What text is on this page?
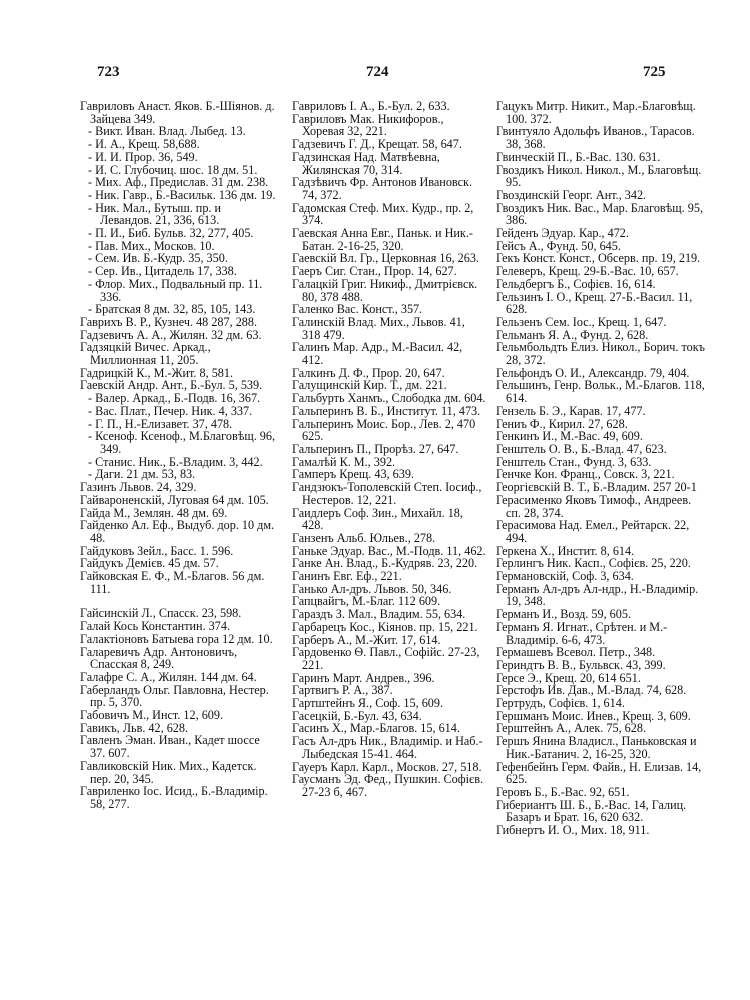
723	724	725

Гавриловъ Анаст. Яков. Б.-Шіянов. д. Зайцева 349.

- Викт. Иван. Влад. Лыбед. 13.

- И. А., Крещ. 58,688.

- И. И. Прор. 36, 549.

- И. С. Глубочиц. шос. 18 дм. 51.

- Мих. Аф., Предислав. 31 дм. 238.

- Ник. Гавр., Б.-Васильк. 136 дм. 19.

- Ник. Мал., Бутыш. пр. и Левандов. 21, 336, 613.

- П. И., Биб. Бульв. 32, 277, 405.

- Пав. Мих., Москов. 10.

- Сем. Ив. Б.-Кудр. 35, 350.

- Сер. Ив., Цитадель 17, 338.

- Флор. Мих., Подвальный пр. 11. 336.

- Братская 8 дм. 32, 85, 105, 143.

Гаврихъ В. Р., Кузнеч. 48 287, 288.

Гадзевичъ А. А., Жилян. 32 дм. 63.

Гадзяцкій Вичес. Аркад., Миллионная 11, 205.

Гадрицкій К., М.-Жит. 8, 581.

Гаевскій Андр. Ант., Б.-Бул. 5, 539.

- Валер. Аркад., Б.-Подв. 16, 367.

- Вас. Плат., Печер. Ник. 4, 337.

- Г. П., Н.-Елизавет. 37, 478.

- Ксеноф. Ксеноф., М.Благовѣщ. 96, 349.

- Станис. Ник., Б.-Владим. 3, 442.

- Даги. 21 дм. 53, 83.

Газинъ Львов. 24, 329.

Гайвароненскій, Луговая 64 дм. 105.

Гайда М., Землян. 48 дм. 69.

Гайденко Ал. Еф., Выдуб. дор. 10 дм. 48.

Гайдуковъ Зейл., Басс. 1. 596.

Гайдукъ Демієв. 45 дм. 57.

Гайковская Е. Ф., М.-Благов. 56 дм. 111.

Гайсинскій Л., Спасск. 23, 598.

Галай Кось Константин. 374.

Галактіоновъ Батыева гора 12 дм. 10.

Галаревичъ Адр. Антоновичъ, Спасская 8, 249.

Галафре С. А., Жилян. 144 дм. 64.

Габерландъ Ольг. Павловна, Нестер. пр. 5, 370.

Габовичъ М., Инст. 12, 609.

Гавикъ, Льв. 42, 628.

Гавленъ Эман. Иван., Кадет шоссе 37. 607.

Гавликовскій Ник. Мих., Кадетск. пер. 20, 345.

Гавриленко Іос. Исид., Б.-Владимір. 58, 277.

Гавриловъ І. А., Б.-Бул. 2, 633.

Гавриловъ Мак. Никифоров., Хоревая 32, 221.

Гадзевичъ Г. Д., Крещат. 58, 647.

Гадзинская Над. Матвѣевна, Жилянская 70, 314.

Гадзѣвичъ Фр. Антонов Ивановск. 74, 372.

Гадомская Стеф. Мих. Кудр., пр. 2, 374.

Гаевская Анна Евг., Паньк. и Ник.-Батан. 2-16-25, 320.

Гаевскій Вл. Гр., Церковная 16, 263.

Гаеръ Сиг. Стан., Прор. 14, 627.

Галацкій Григ. Никиф., Дмитрієвск. 80, 378 488.

Галенко Вас. Конст., 357.

Галинскій Влад. Мих., Львов. 41, 318 479.

Галинъ Мар. Адр., М.-Васил. 42, 412.

Галкинъ Д. Ф., Прор. 20, 647.

Галущинскій Кир. Т., дм. 221.

Гальбурть Ханмъ., Слободка дм. 604.

Гальперинъ В. Б., Институт. 11, 473.

Гальперинъ Моис. Бор., Лев. 2, 470 625.

Гальперинъ П., Прорѣз. 27, 647.

Гамалѣй К. М., 392.

Гамперъ Крещ. 43, 639.

Гандзюкъ-Тополевскій Степ. Іосиф., Нестеров. 12, 221.

Гаидлеръ Соф. Зин., Михайл. 18, 428.

Ганзенъ Альб. Юльев., 278.

Ганьке Эдуар. Вас., М.-Подв. 11, 462.

Ганке Ан. Влад., Б.-Кудряв. 23, 220.

Ганинъ Евг. Еф., 221.

Ганько Ал-дръ. Львов. 50, 346.

Гапцвайгъ, М.-Благ. 112 609.

Гараздъ З. Мал., Владим. 55, 634.

Гарбарецъ Кос., Кіянов. пр. 15, 221.

Гарберъ А., М.-Жит. 17, 614.

Гардовенко Ѳ. Павл., Софійс. 27-23, 221.

Гаринъ Март. Андрев., 396.

Гартвигъ Р. А., 387.

Гартштейнъ Я., Соф. 15, 609.

Гасецкій, Б.-Бул. 43, 634.

Гасинъ Х., Мар.-Благов. 15, 614.

Гасъ Ал-дръ Ник., Владимір. и Наб.-Лыбедская 15-41. 464.

Гауеръ Карл. Карл., Москов. 27, 518.

Гаусманъ Эд. Фед., Пушкин. Софієв. 27-23 б, 467.

Гацукъ Митр. Никит., Мар.-Благовѣщ. 100. 372.

Гвинтуяло Адольфъ Иванов., Тарасов. 38, 368.

Гвинческій П., Б.-Вас. 130. 631.

Гвоздикъ Никол. Никол., М., Благовѣщ. 95.

Гвоздинскій Георг. Ант., 342.

Гвоздикъ Ник. Вас., Мар. Благовѣщ. 95, 386.

Гейденъ Эдуар. Кар., 472.

Гейсъ А., Фунд. 50, 645.

Гекъ Конст. Конст., Обсерв. пр. 19, 219.

Гелеверъ, Крещ. 29-Б.-Вас. 10, 657.

Гельдбергъ Б., Софієв. 16, 614.

Гельзинъ І. О., Крещ. 27-Б.-Васил. 11, 628.

Гельзенъ Сем. Іос., Крещ. 1, 647.

Гельманъ Я. А., Фунд. 2, 628.

Гельмбольдть Елиз. Никол., Борич. токъ 28, 372.

Гельфондъ О. И., Александр. 79, 404.

Гельшинъ, Генр. Вольк., М.-Благов. 118, 614.

Гензель Б. Э., Карав. 17, 477.

Гениъ Ф., Кирил. 27, 628.

Генкинъ И., М.-Вас. 49, 609.

Генштель О. В., Б.-Влад. 47, 623.

Генштель Стан., Фунд. 3, 633.

Генчке Кон. Франц., Совск. 3, 221.

Георгієвскій В. Т., Б.-Владим. 257 20-1

Герасименко Яковъ Тимоф., Андреев. сп. 28, 374.

Герасимова Над. Емел., Рейтарск. 22, 494.

Геркена Х., Инстит. 8, 614.

Герлингъ Ник. Касп., Софієв. 25, 220.

Германовскій, Соф. 3, 634.

Германъ Ал-дръ Ал-ндр., Н.-Владимір. 19, 348.

Германъ И., Возд. 59, 605.

Германъ Я. Игнат., Срѣтен. и М.-Владимір. 6-6, 473.

Гермашевъ Всевол. Петр., 348.

Гериндтъ В. В., Бульвск. 43, 399.

Герсе Э., Крещ. 20, 614 651.

Герстофъ Ив. Дав., М.-Влад. 74, 628.

Гертрудъ, Софієв. 1, 614.

Гершманъ Моис. Инев., Крещ. 3, 609.

Герштейнъ А., Алек. 75, 628.

Гершъ Янина Владисл., Паньковская и Ник.-Батанич. 2, 16-25, 320.

Гефенбейнъ Герм. Файв., Н. Елизав. 14, 625.

Геровъ Б., Б.-Вас. 92, 651.

Гибериантъ Ш. Б., Б.-Вас. 14, Галиц. Базаръ и Брат. 16, 620 632.

Гибнертъ И. О., Мих. 18, 911.
